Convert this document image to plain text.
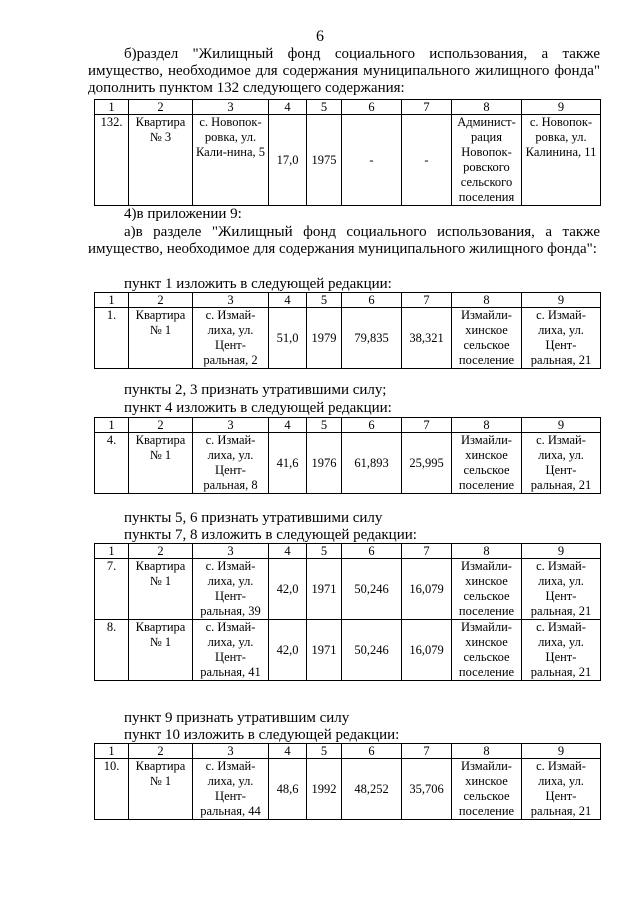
6
б)раздел "Жилищный фонд социального использования, а также имущество, необходимое для содержания муниципального жилищного фонда" дополнить пунктом 132 следующего содержания:
1	2	3	4	5	6	7	8	9
132.	Квартира № 3	с. Новопок-ровка, ул. Кали-нина, 5	17,0	1975	-	-	Админист-рация Новопок-ровского сельского поселения	с. Новопок-ровка, ул. Калинина, 11
4)в приложении 9:
а)в разделе "Жилищный фонд социального использования, а также имущество, необходимое для содержания муниципального жилищного фонда":
пункт 1 изложить в следующей редакции:
1	2	3	4	5	6	7	8	9
1.	Квартира № 1	с. Измай-лиха, ул. Цент-ральная, 2	51,0	1979	79,835	38,321	Измайли-хинское сельское поселение	с. Измай-лиха, ул. Цент-ральная, 21
пункты 2, 3 признать утратившими силу;
пункт 4 изложить в следующей редакции:
1	2	3	4	5	6	7	8	9
4.	Квартира № 1	с. Измай-лиха, ул. Цент-ральная, 8	41,6	1976	61,893	25,995	Измайли-хинское сельское поселение	с. Измай-лиха, ул. Цент-ральная, 21
пункты 5, 6 признать утратившими силу
пункты 7, 8 изложить в следующей редакции:
1	2	3	4	5	6	7	8	9
7.	Квартира № 1	с. Измай-лиха, ул. Цент-ральная, 39	42,0	1971	50,246	16,079	Измайли-хинское сельское поселение	с. Измай-лиха, ул. Цент-ральная, 21
8.	Квартира № 1	с. Измай-лиха, ул. Цент-ральная, 41	42,0	1971	50,246	16,079	Измайли-хинское сельское поселение	с. Измай-лиха, ул. Цент-ральная, 21
пункт 9 признать утратившим силу
пункт 10 изложить в следующей редакции:
1	2	3	4	5	6	7	8	9
10.	Квартира № 1	с. Измай-лиха, ул. Цент-ральная, 44	48,6	1992	48,252	35,706	Измайли-хинское сельское поселение	с. Измай-лиха, ул. Цент-ральная, 21
